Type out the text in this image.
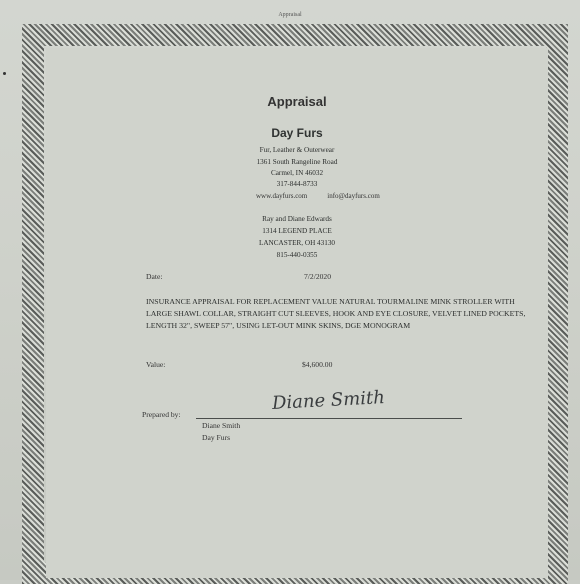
Appraisal
Appraisal
Day Furs
Fur, Leather & Outerwear
1361 South Rangeline Road
Carmel, IN 46032
317-844-8733
www.dayfurs.com	info@dayfurs.com
Ray and Diane Edwards
1314 LEGEND PLACE
LANCASTER, OH 43130
815-440-0355
Date:	7/2/2020
INSURANCE APPRAISAL FOR REPLACEMENT VALUE NATURAL TOURMALINE MINK STROLLER WITH LARGE SHAWL COLLAR, STRAIGHT CUT SLEEVES, HOOK AND EYE CLOSURE, VELVET LINED POCKETS, LENGTH 32", SWEEP 57", USING LET-OUT MINK SKINS, DGE MONOGRAM
Value:	$4,600.00
Prepared by:
Diane Smith
Diane Smith
Day Furs
